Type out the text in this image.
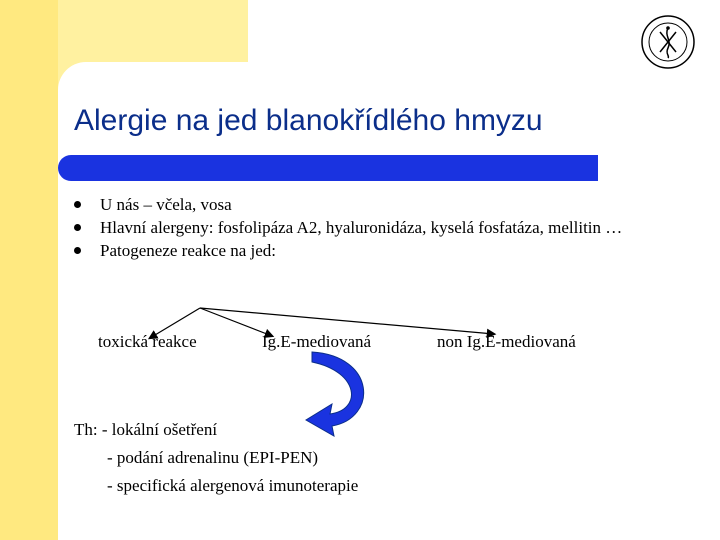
Alergie na jed blanokřídlého hmyzu
U nás – včela, vosa
Hlavní alergeny: fosfolipáza A2, hyaluronidáza, kyselá fosfatáza, mellitin …
Patogeneze reakce na jed:
toxická reakce	Ig.E-mediovaná	non Ig.E-mediovaná
Th: - lokální ošetření
- podání adrenalinu (EPI-PEN)
- specifická alergenová imunoterapie
